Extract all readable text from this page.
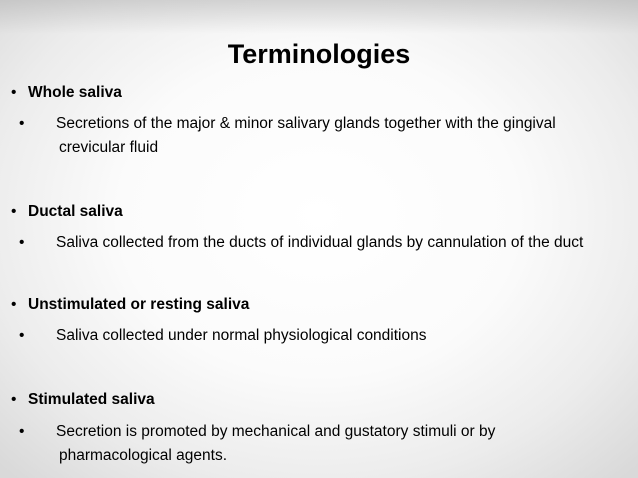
Terminologies
• Whole saliva
• Secretions of the major & minor salivary glands together with the gingival crevicular fluid
• Ductal saliva
• Saliva collected from the ducts of individual glands by cannulation of the duct
• Unstimulated or resting saliva
• Saliva collected under normal physiological conditions
• Stimulated saliva
• Secretion is promoted by mechanical and gustatory stimuli or by pharmacological agents.
